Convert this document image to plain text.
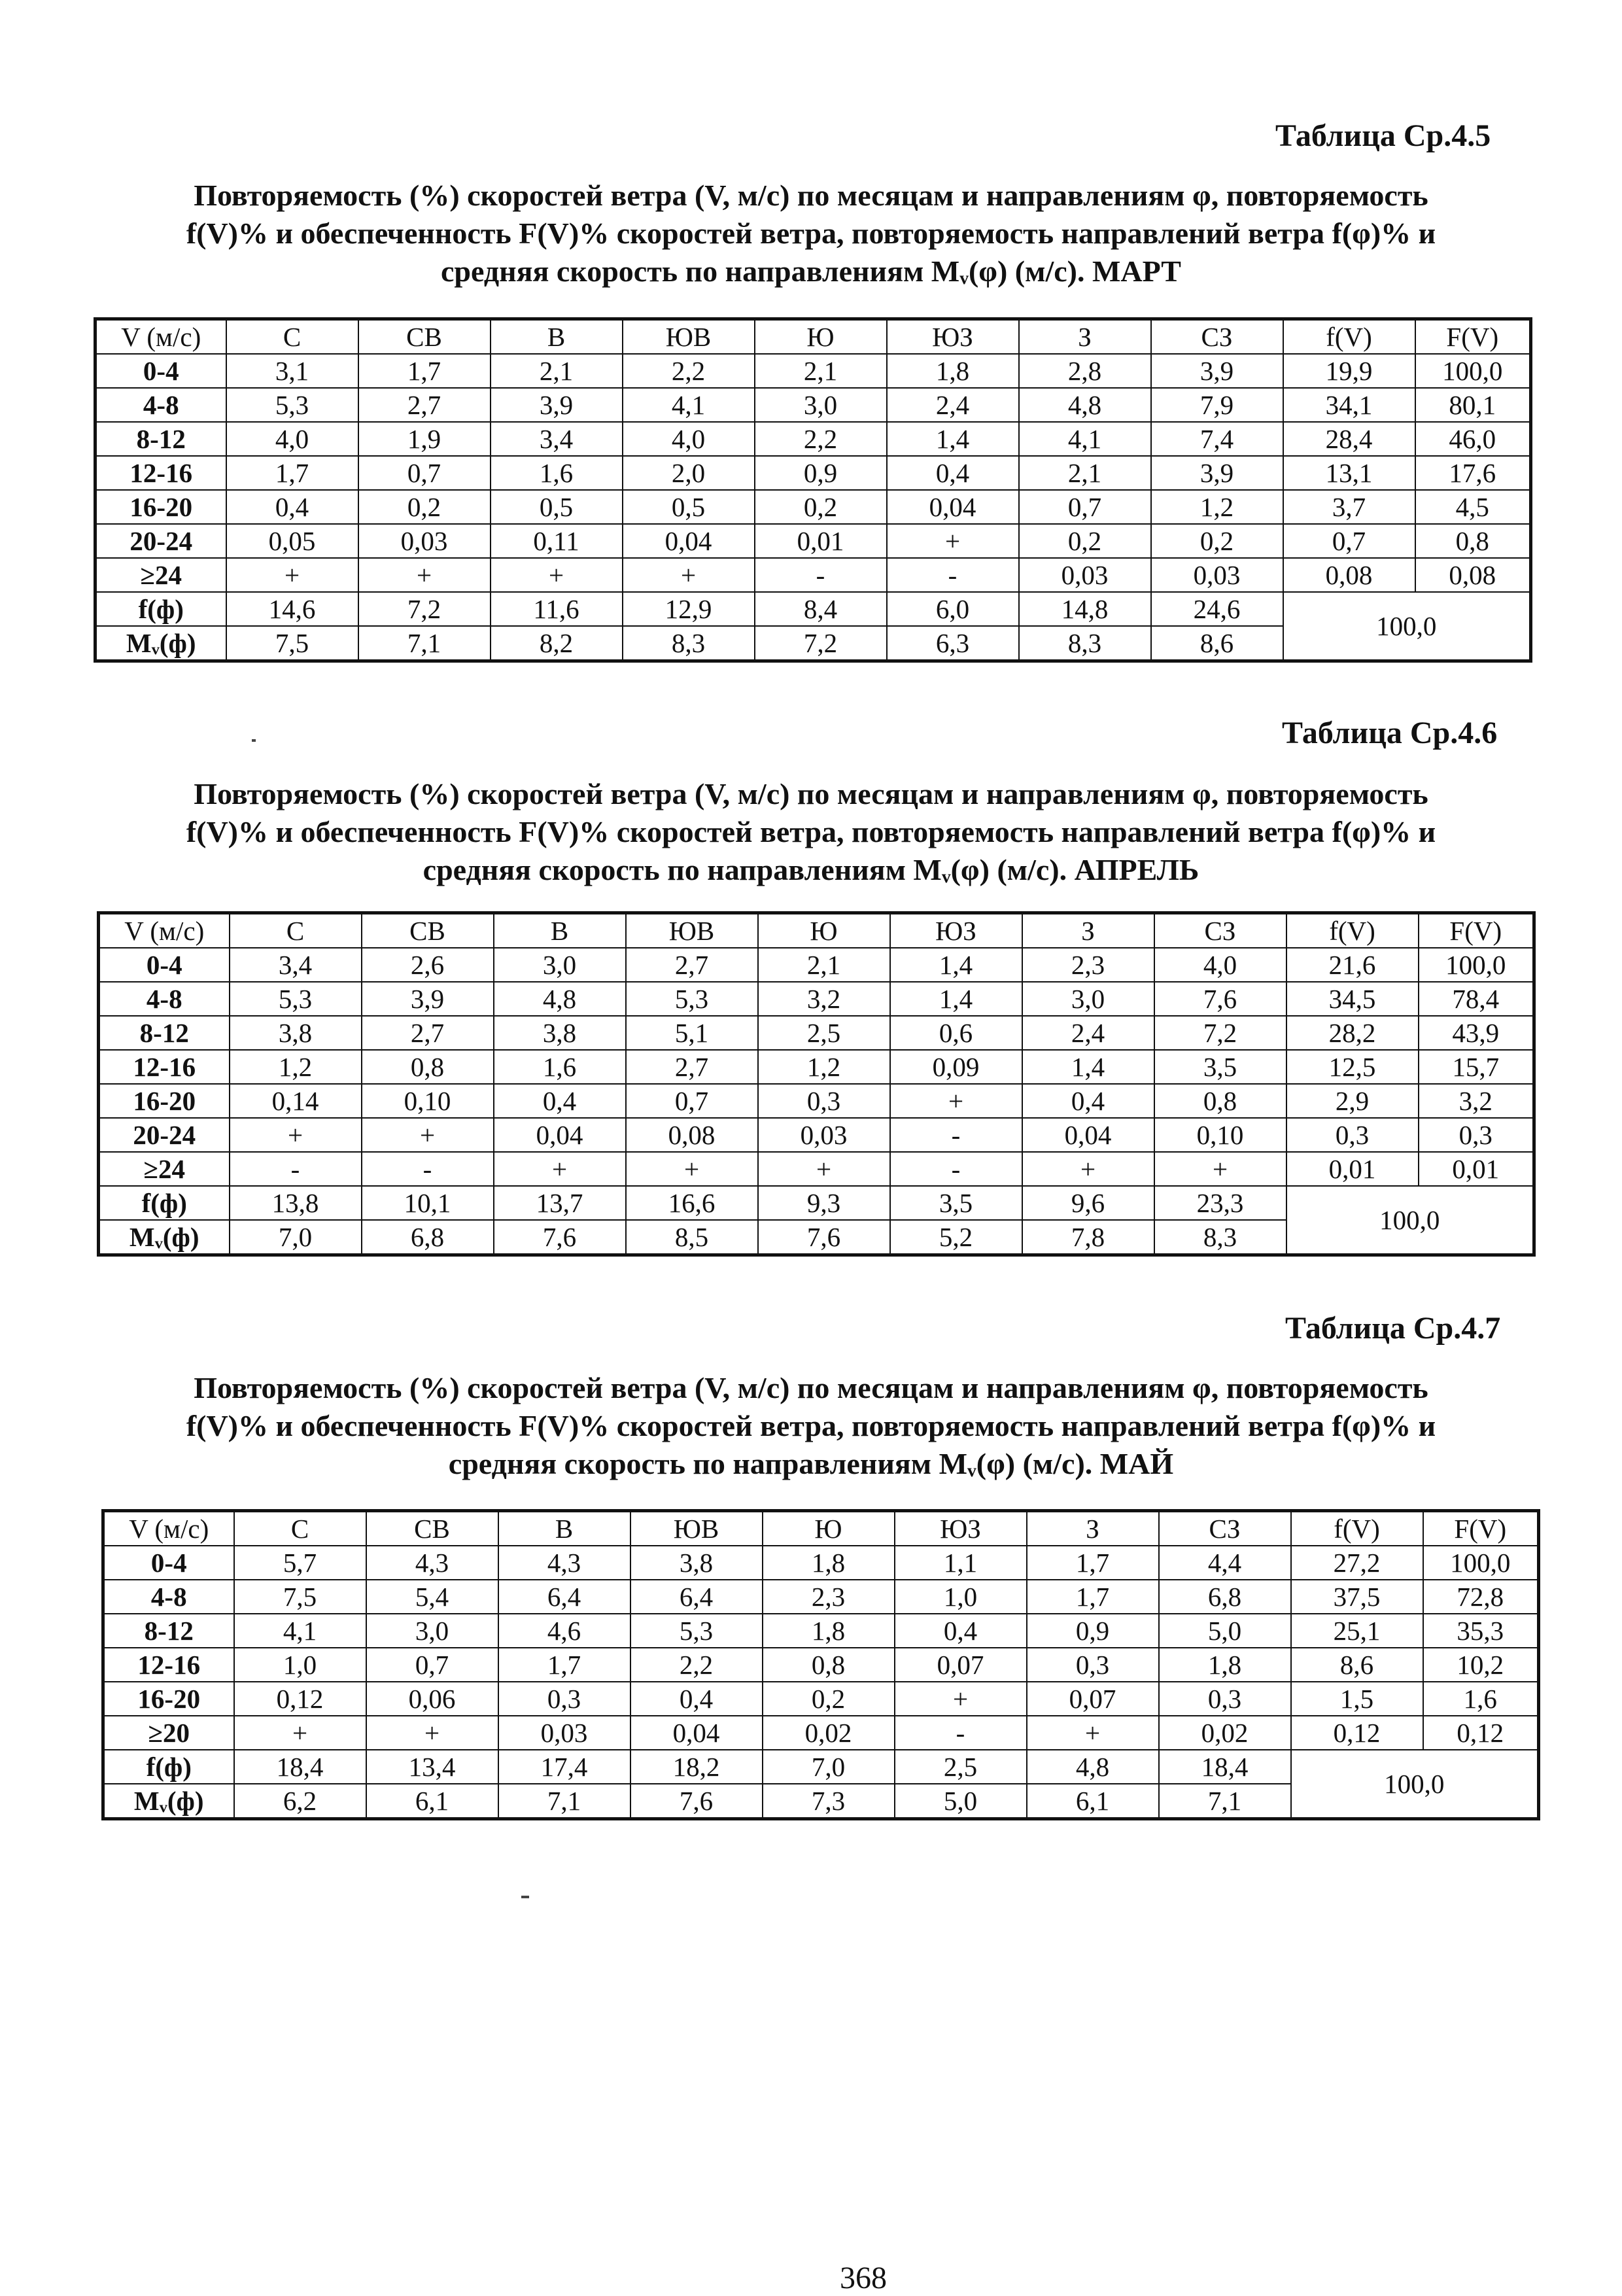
Таблица Ср.4.5
Повторяемость (%) скоростей ветра (V, м/с) по месяцам и направлениям φ, повторяемость
f(V)% и обеспеченность F(V)% скоростей ветра, повторяемость направлений ветра f(φ)% и
средняя скорость по направлениям Mᵥ(φ) (м/с). МАРТ
V (м/с)	С	СВ	В	ЮВ	Ю	ЮЗ	З	СЗ	f(V)	F(V)
0-4	3,1	1,7	2,1	2,2	2,1	1,8	2,8	3,9	19,9	100,0
4-8	5,3	2,7	3,9	4,1	3,0	2,4	4,8	7,9	34,1	80,1
8-12	4,0	1,9	3,4	4,0	2,2	1,4	4,1	7,4	28,4	46,0
12-16	1,7	0,7	1,6	2,0	0,9	0,4	2,1	3,9	13,1	17,6
16-20	0,4	0,2	0,5	0,5	0,2	0,04	0,7	1,2	3,7	4,5
20-24	0,05	0,03	0,11	0,04	0,01	+	0,2	0,2	0,7	0,8
≥24	+	+	+	+	-	-	0,03	0,03	0,08	0,08
f(ф)	14,6	7,2	11,6	12,9	8,4	6,0	14,8	24,6	100,0	
Mᵥ(ф)	7,5	7,1	8,2	8,3	7,2	6,3	8,3	8,6		
Таблица Ср.4.6
Повторяемость (%) скоростей ветра (V, м/с) по месяцам и направлениям φ, повторяемость
f(V)% и обеспеченность F(V)% скоростей ветра, повторяемость направлений ветра f(φ)% и
средняя скорость по направлениям Mᵥ(φ) (м/с). АПРЕЛЬ
V (м/с)	С	СВ	В	ЮВ	Ю	ЮЗ	З	СЗ	f(V)	F(V)
0-4	3,4	2,6	3,0	2,7	2,1	1,4	2,3	4,0	21,6	100,0
4-8	5,3	3,9	4,8	5,3	3,2	1,4	3,0	7,6	34,5	78,4
8-12	3,8	2,7	3,8	5,1	2,5	0,6	2,4	7,2	28,2	43,9
12-16	1,2	0,8	1,6	2,7	1,2	0,09	1,4	3,5	12,5	15,7
16-20	0,14	0,10	0,4	0,7	0,3	+	0,4	0,8	2,9	3,2
20-24	+	+	0,04	0,08	0,03	-	0,04	0,10	0,3	0,3
≥24	-	-	+	+	+	-	+	+	0,01	0,01
f(ф)	13,8	10,1	13,7	16,6	9,3	3,5	9,6	23,3	100,0	
Mᵥ(ф)	7,0	6,8	7,6	8,5	7,6	5,2	7,8	8,3		
Таблица Ср.4.7
Повторяемость (%) скоростей ветра (V, м/с) по месяцам и направлениям φ, повторяемость
f(V)% и обеспеченность F(V)% скоростей ветра, повторяемость направлений ветра f(φ)% и
средняя скорость по направлениям Mᵥ(φ) (м/с). МАЙ
V (м/с)	С	СВ	В	ЮВ	Ю	ЮЗ	З	СЗ	f(V)	F(V)
0-4	5,7	4,3	4,3	3,8	1,8	1,1	1,7	4,4	27,2	100,0
4-8	7,5	5,4	6,4	6,4	2,3	1,0	1,7	6,8	37,5	72,8
8-12	4,1	3,0	4,6	5,3	1,8	0,4	0,9	5,0	25,1	35,3
12-16	1,0	0,7	1,7	2,2	0,8	0,07	0,3	1,8	8,6	10,2
16-20	0,12	0,06	0,3	0,4	0,2	+	0,07	0,3	1,5	1,6
≥20	+	+	0,03	0,04	0,02	-	+	0,02	0,12	0,12
f(ф)	18,4	13,4	17,4	18,2	7,0	2,5	4,8	18,4	100,0	
Mᵥ(ф)	6,2	6,1	7,1	7,6	7,3	5,0	6,1	7,1		
368
